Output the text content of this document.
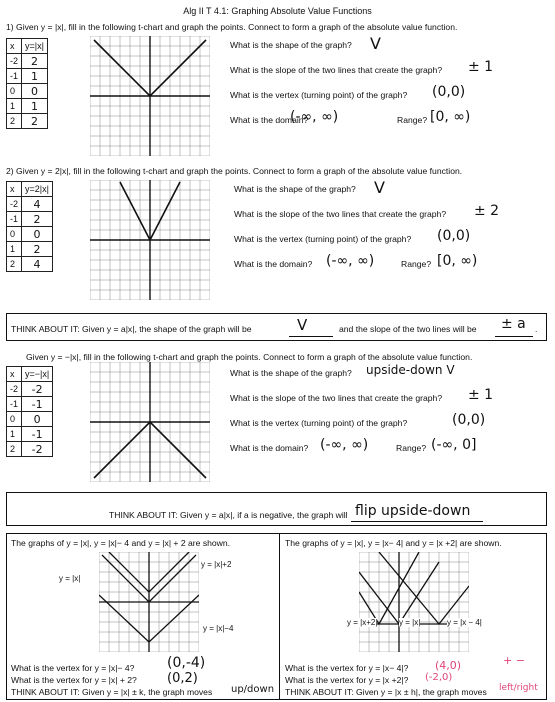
Alg II T 4.1: Graphing Absolute Value Functions
1) Given y = |x|, fill in the following t-chart and graph the points. Connect to form a graph of the absolute value function.
x	y=|x|
-2	2
-1	1
0	0
1	1
2	2
What is the shape of the graph? V
What is the slope of the two lines that create the graph? ± 1
What is the vertex (turning point) of the graph? (0,0)
What is the domain?
(-∞, ∞)	Range? [0, ∞)
2) Given y = 2|x|, fill in the following t-chart and graph the points. Connect to form a graph of the absolute value function.
x	y=2|x|
-2	4
-1	2
0	0
1	2
2	4
What is the shape of the graph? V
What is the slope of the two lines that create the graph? ± 2
What is the vertex (turning point) of the graph? (0,0)
What is the domain? (-∞, ∞)	Range? [0, ∞)
THINK ABOUT IT: Given y = a|x|, the shape of the graph will be	V	and the slope of the two lines will be ± a .
Given y = −|x|, fill in the following t-chart and graph the points. Connect to form a graph of the absolute value function.
x	y=−|x|
-2	-2
-1	-1
0	0
1	-1
2	-2
What is the shape of the graph? upside-down V
What is the slope of the two lines that create the graph? ± 1
What is the vertex (turning point) of the graph?	(0,0)
What is the domain? (-∞, ∞)	Range? (-∞, 0]
THINK ABOUT IT: Given y = a|x|, if a is negative, the graph will flip upside-down
The graphs of y = |x|, y = |x|− 4 and y = |x| + 2 are shown.
y = |x|
y = |x|+2
y = |x|−4
What is the vertex for y = |x|− 4? (0,-4)
What is the vertex for y = |x| + 2? (0,2)
THINK ABOUT IT: Given y = |x| ± k, the graph moves up/down
The graphs of y = |x|, y = |x− 4| and y = |x +2| are shown.
y = |x+2|	y = |x|	y = |x − 4|
What is the vertex for y = |x− 4|? (4,0)
What is the vertex for y = |x +2|? (-2,0)
THINK ABOUT IT: Given y = |x ± h|, the graph moves
+ −
left/right
